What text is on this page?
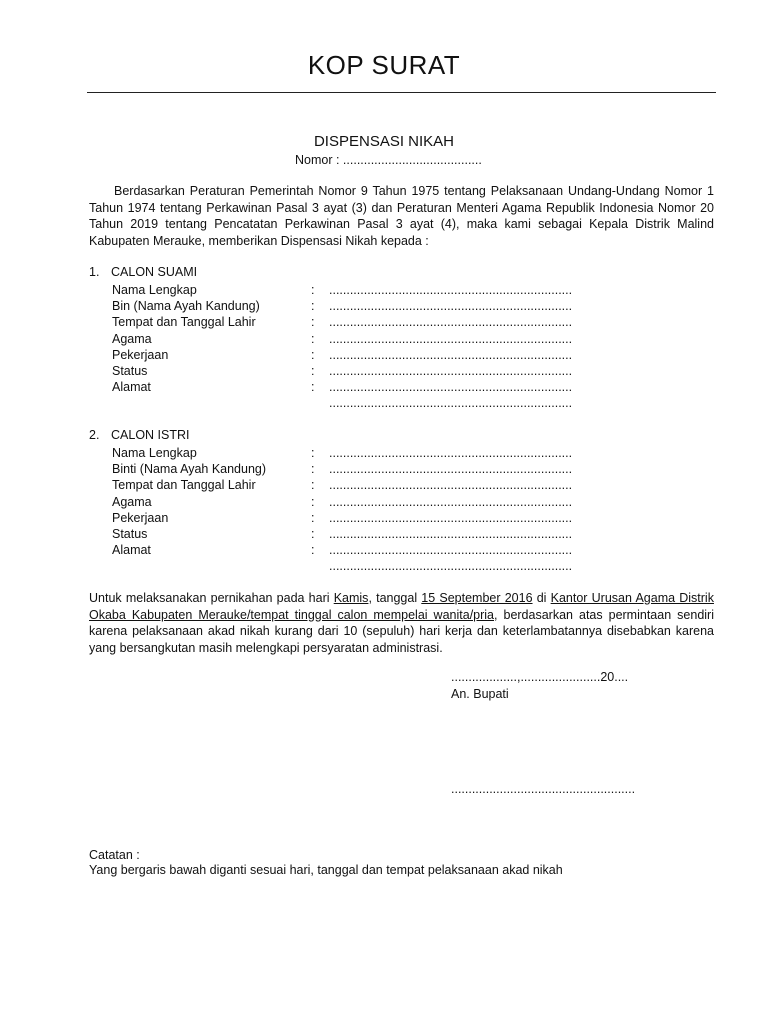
KOP SURAT
DISPENSASI NIKAH
Nomor : ........................................
Berdasarkan Peraturan Pemerintah Nomor 9 Tahun 1975 tentang Pelaksanaan Undang-Undang Nomor 1 Tahun 1974 tentang Perkawinan Pasal 3 ayat (3) dan Peraturan Menteri Agama Republik Indonesia Nomor 20 Tahun 2019 tentang Pencatatan Perkawinan Pasal 3 ayat (4), maka kami sebagai Kepala Distrik Malind Kabupaten Merauke, memberikan Dispensasi Nikah kepada :
1. CALON SUAMI
Nama Lengkap	: ......................................................................
Bin (Nama Ayah Kandung)	: ......................................................................
Tempat dan Tanggal Lahir	: ......................................................................
Agama	: ......................................................................
Pekerjaan	: ......................................................................
Status	: ......................................................................
Alamat	: ......................................................................
......................................................................
2. CALON ISTRI
Nama Lengkap	: ......................................................................
Binti (Nama Ayah Kandung)	: ......................................................................
Tempat dan Tanggal Lahir	: ......................................................................
Agama	: ......................................................................
Pekerjaan	: ......................................................................
Status	: ......................................................................
Alamat	: ......................................................................
......................................................................
Untuk melaksanakan pernikahan pada hari Kamis, tanggal 15 September 2016 di Kantor Urusan Agama Distrik Okaba Kabupaten Merauke/tempat tinggal calon mempelai wanita/pria, berdasarkan atas permintaan sendiri karena pelaksanaan akad nikah kurang dari 10 (sepuluh) hari kerja dan keterlambatannya disebabkan karena yang bersangkutan masih melengkapi persyaratan administrasi.
...................,.......................20....
An. Bupati
.....................................................
Catatan :
Yang bergaris bawah diganti sesuai hari, tanggal dan tempat pelaksanaan akad nikah
